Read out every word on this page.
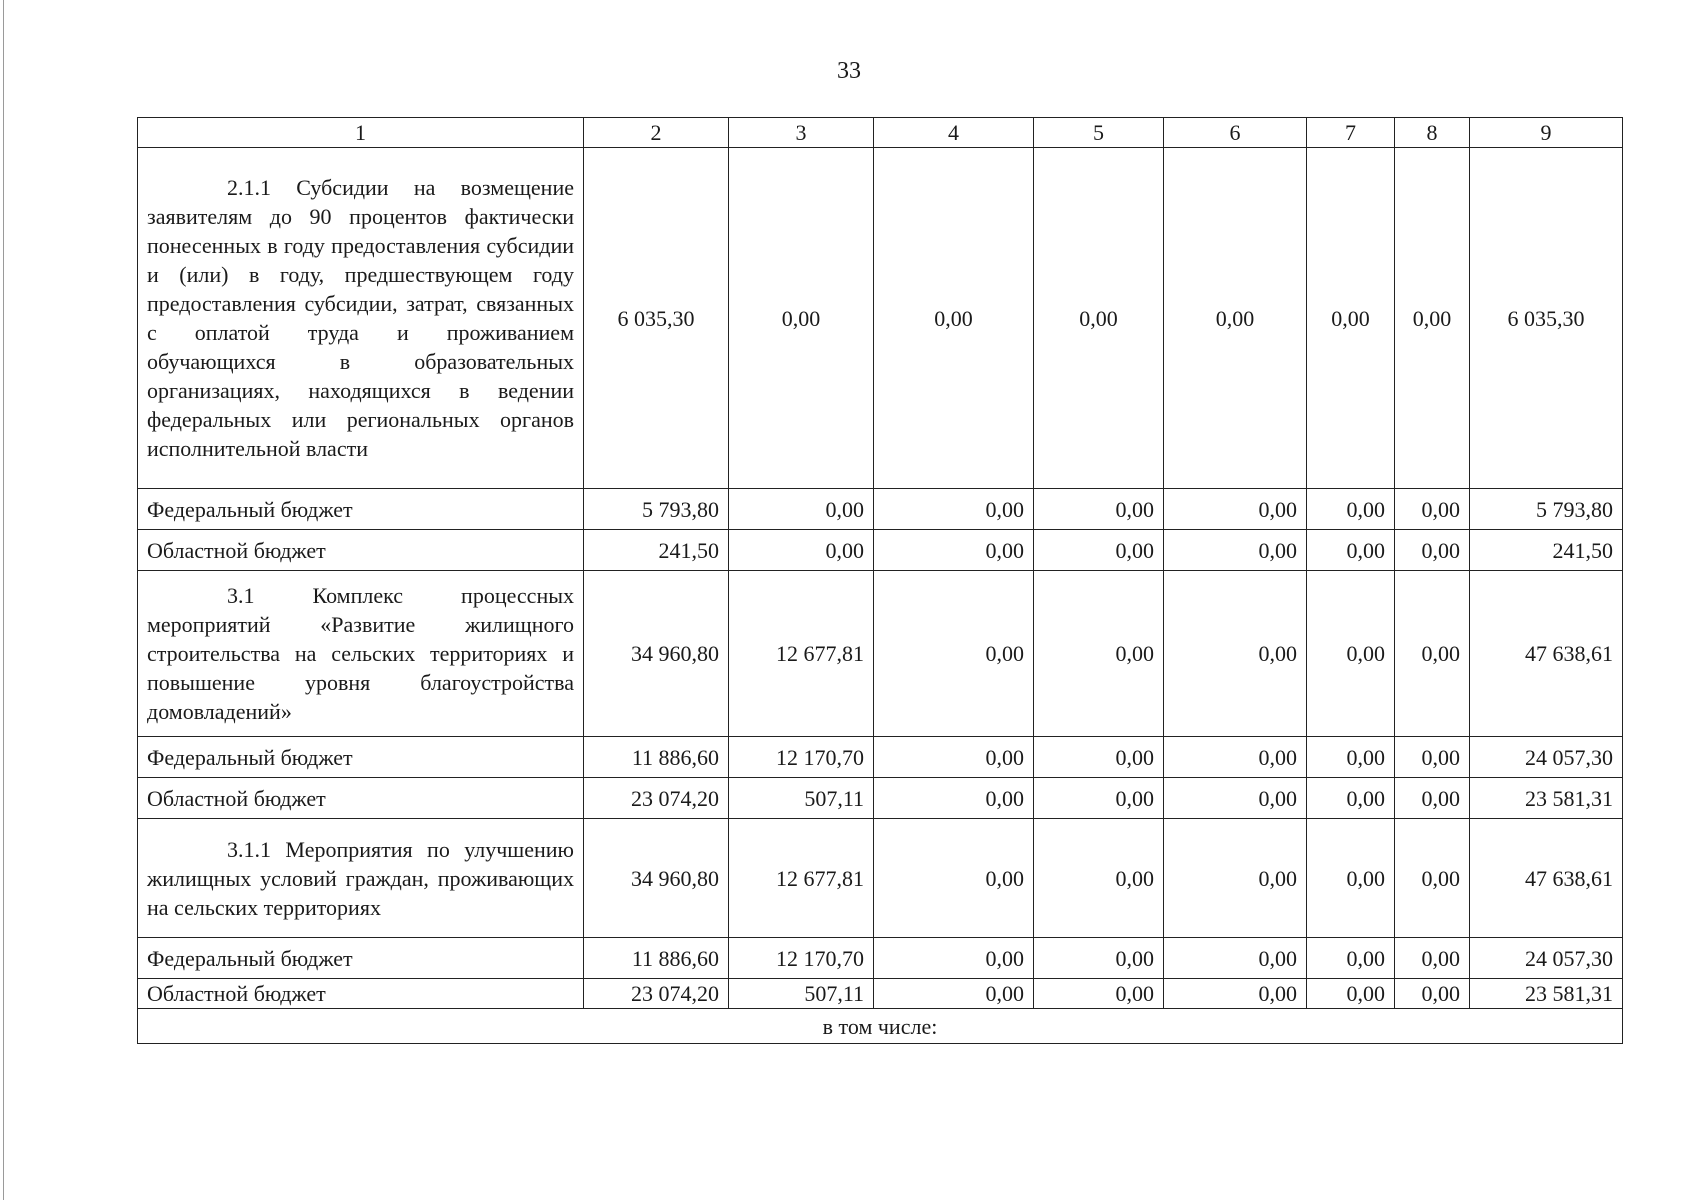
33
1	2	3	4	5	6	7	8	9

2.1.1 Субсидии на возмещение заявителям до 90 процентов фактически понесенных в году предоставления субсидии и (или) в году, предшествующем году предоставления субсидии, затрат, связанных с оплатой труда и проживанием обучающихся в образовательных организациях, находящихся в ведении федеральных или региональных органов исполнительной власти	6 035,30	0,00	0,00	0,00	0,00	0,00	0,00	6 035,30
Федеральный бюджет	5 793,80	0,00	0,00	0,00	0,00	0,00	0,00	5 793,80
Областной бюджет	241,50	0,00	0,00	0,00	0,00	0,00	0,00	241,50

3.1 Комплекс процессных мероприятий «Развитие жилищного строительства на сельских территориях и повышение уровня благоустройства домовладений»	34 960,80	12 677,81	0,00	0,00	0,00	0,00	0,00	47 638,61
Федеральный бюджет	11 886,60	12 170,70	0,00	0,00	0,00	0,00	0,00	24 057,30
Областной бюджет	23 074,20	507,11	0,00	0,00	0,00	0,00	0,00	23 581,31

3.1.1 Мероприятия по улучшению жилищных условий граждан, проживающих на сельских территориях	34 960,80	12 677,81	0,00	0,00	0,00	0,00	0,00	47 638,61
Федеральный бюджет	11 886,60	12 170,70	0,00	0,00	0,00	0,00	0,00	24 057,30
Областной бюджет	23 074,20	507,11	0,00	0,00	0,00	0,00	0,00	23 581,31
в том числе:								
